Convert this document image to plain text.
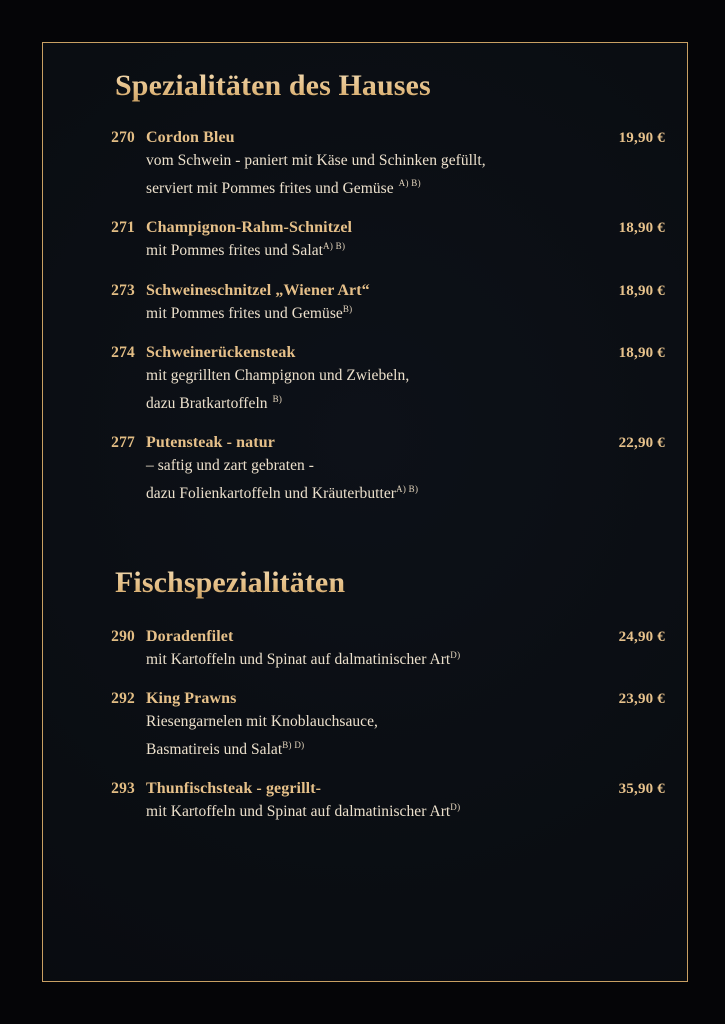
Spezialitäten des Hauses
270 Cordon Bleu	19,90 €
vom Schwein - paniert mit Käse und Schinken gefüllt,
serviert mit Pommes frites und Gemüse $^{A) B)}$
271 Champignon-Rahm-Schnitzel	18,90 €
mit Pommes frites und Salat$^{A) B)}$
273 Schweineschnitzel „Wiener Art“	18,90 €
mit Pommes frites und Gemüse$^{B)}$
274 Schweinerückensteak	18,90 €
mit gegrillten Champignon und Zwiebeln,
dazu Bratkartoffeln $^{B)}$
277 Putensteak - natur	22,90 €
– saftig und zart gebraten -
dazu Folienkartoffeln und Kräuterbutter$^{A) B)}$
Fischspezialitäten
290 Doradenfilet	24,90 €
mit Kartoffeln und Spinat auf dalmatinischer Art$^{D)}$
292 King Prawns	23,90 €
Riesengarnelen mit Knoblauchsauce,
Basmatireis und Salat$^{B) D)}$
293 Thunfischsteak - gegrillt-	35,90 €
mit Kartoffeln und Spinat auf dalmatinischer Art$^{D)}$
